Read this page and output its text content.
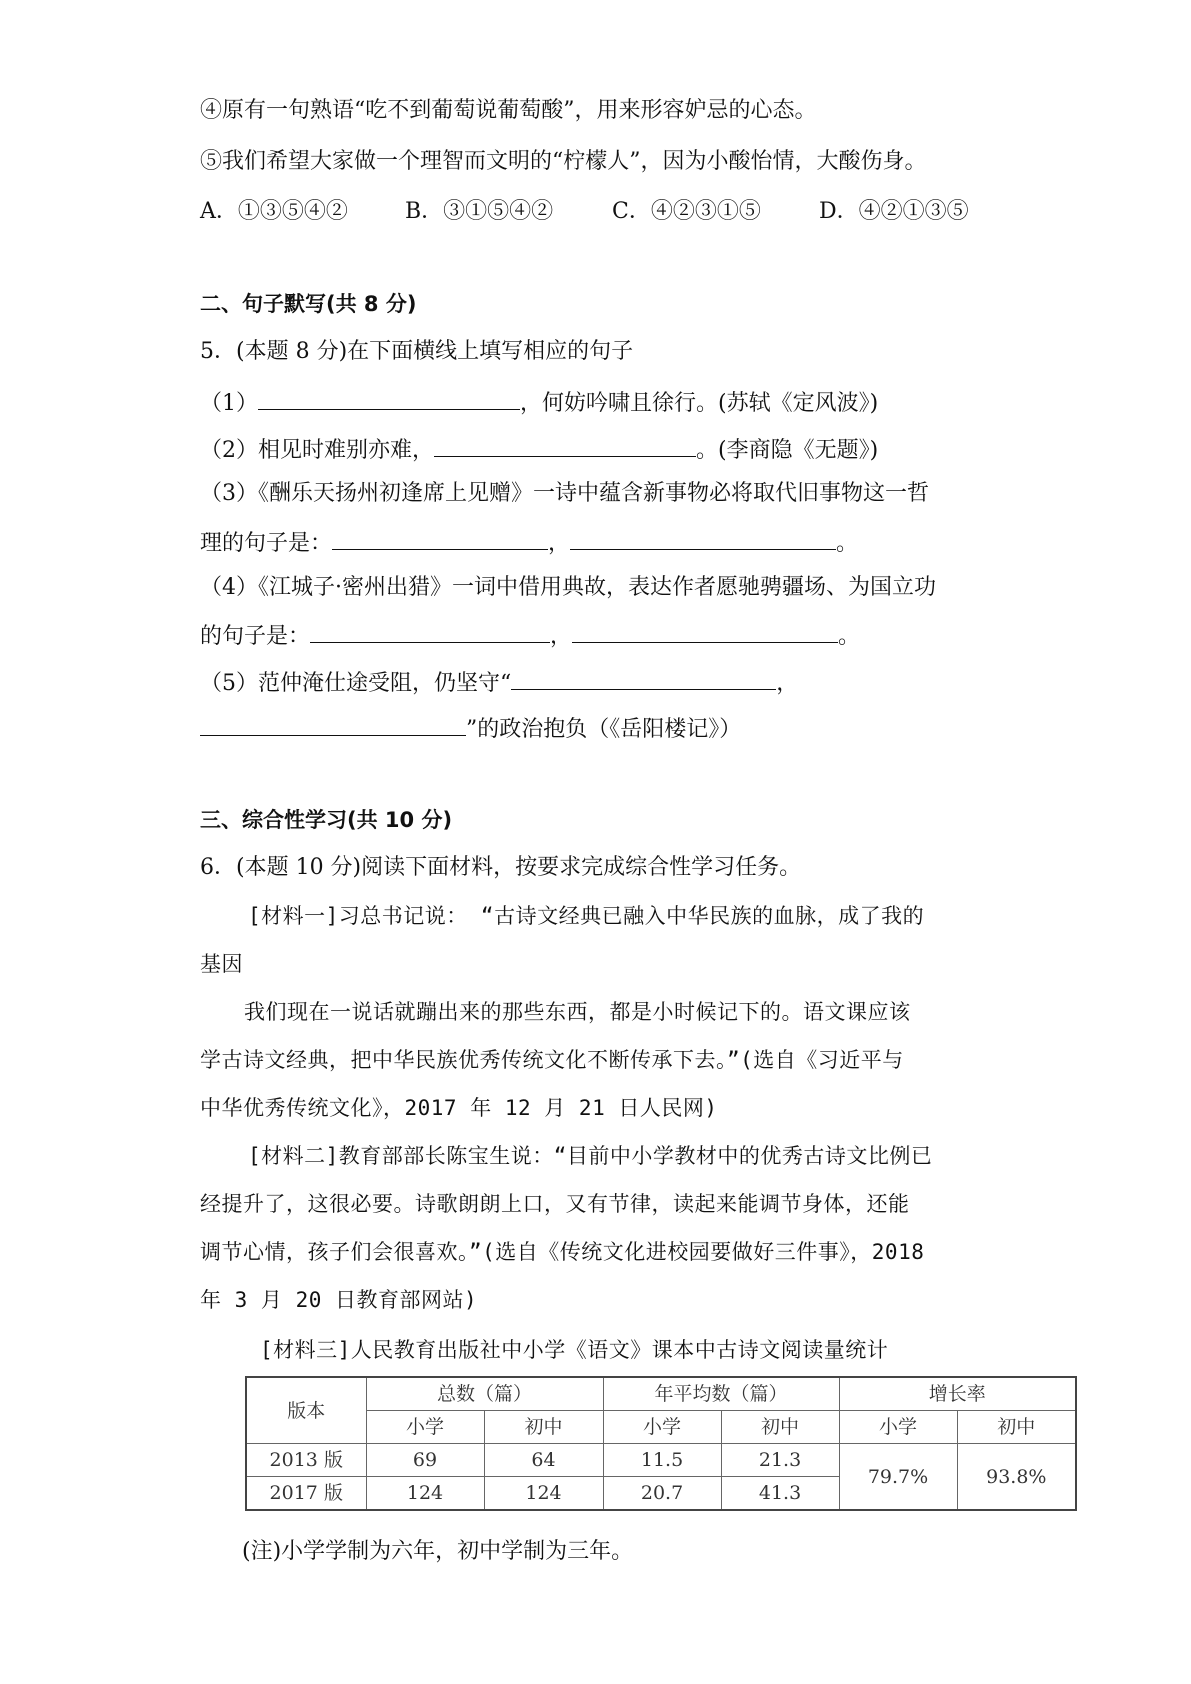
④原有一句熟语“吃不到葡萄说葡萄酸”，用来形容妒忌的心态。
⑤我们希望大家做一个理智而文明的“柠檬人”，因为小酸怡情，大酸伤身。
A．①③⑤④②	B．③①⑤④②	C．④②③①⑤	D．④②①③⑤
二、句子默写(共 8 分)
5．(本题 8 分)在下面横线上填写相应的句子
（1）	，何妨吟啸且徐行。(苏轼《定风波》)
（2）相见时难别亦难，	。(李商隐《无题》)
（3）《酬乐天扬州初逢席上见赠》一诗中蕴含新事物必将取代旧事物这一哲
理的句子是：	，	。
（4）《江城子·密州出猎》一词中借用典故，表达作者愿驰骋疆场、为国立功
的句子是：	，	。
（5）范仲淹仕途受阻，仍坚守“	，
”的政治抱负（《岳阳楼记》）
三、综合性学习(共 10 分)
6．(本题 10 分)阅读下面材料，按要求完成综合性学习任务。
[材料一]习总书记说： “古诗文经典已融入中华民族的血脉，成了我的
基因
我们现在一说话就蹦出来的那些东西，都是小时候记下的。语文课应该
学古诗文经典，把中华民族优秀传统文化不断传承下去。”(选自《习近平与
中华优秀传统文化》，2017 年 12 月 21 日人民网)
[材料二]教育部部长陈宝生说：“目前中小学教材中的优秀古诗文比例已
经提升了，这很必要。诗歌朗朗上口，又有节律，读起来能调节身体，还能
调节心情，孩子们会很喜欢。”(选自《传统文化进校园要做好三件事》，2018
年 3 月 20 日教育部网站)
[材料三]人民教育出版社中小学《语文》课本中古诗文阅读量统计
(注)小学学制为六年，初中学制为三年。
版本	总数（篇）		年平均数（篇）		增长率	
	小学	初中	小学	初中	小学	初中
2013 版	69	64	11.5	21.3	79.7%	93.8%
2017 版	124	124	20.7	41.3		
